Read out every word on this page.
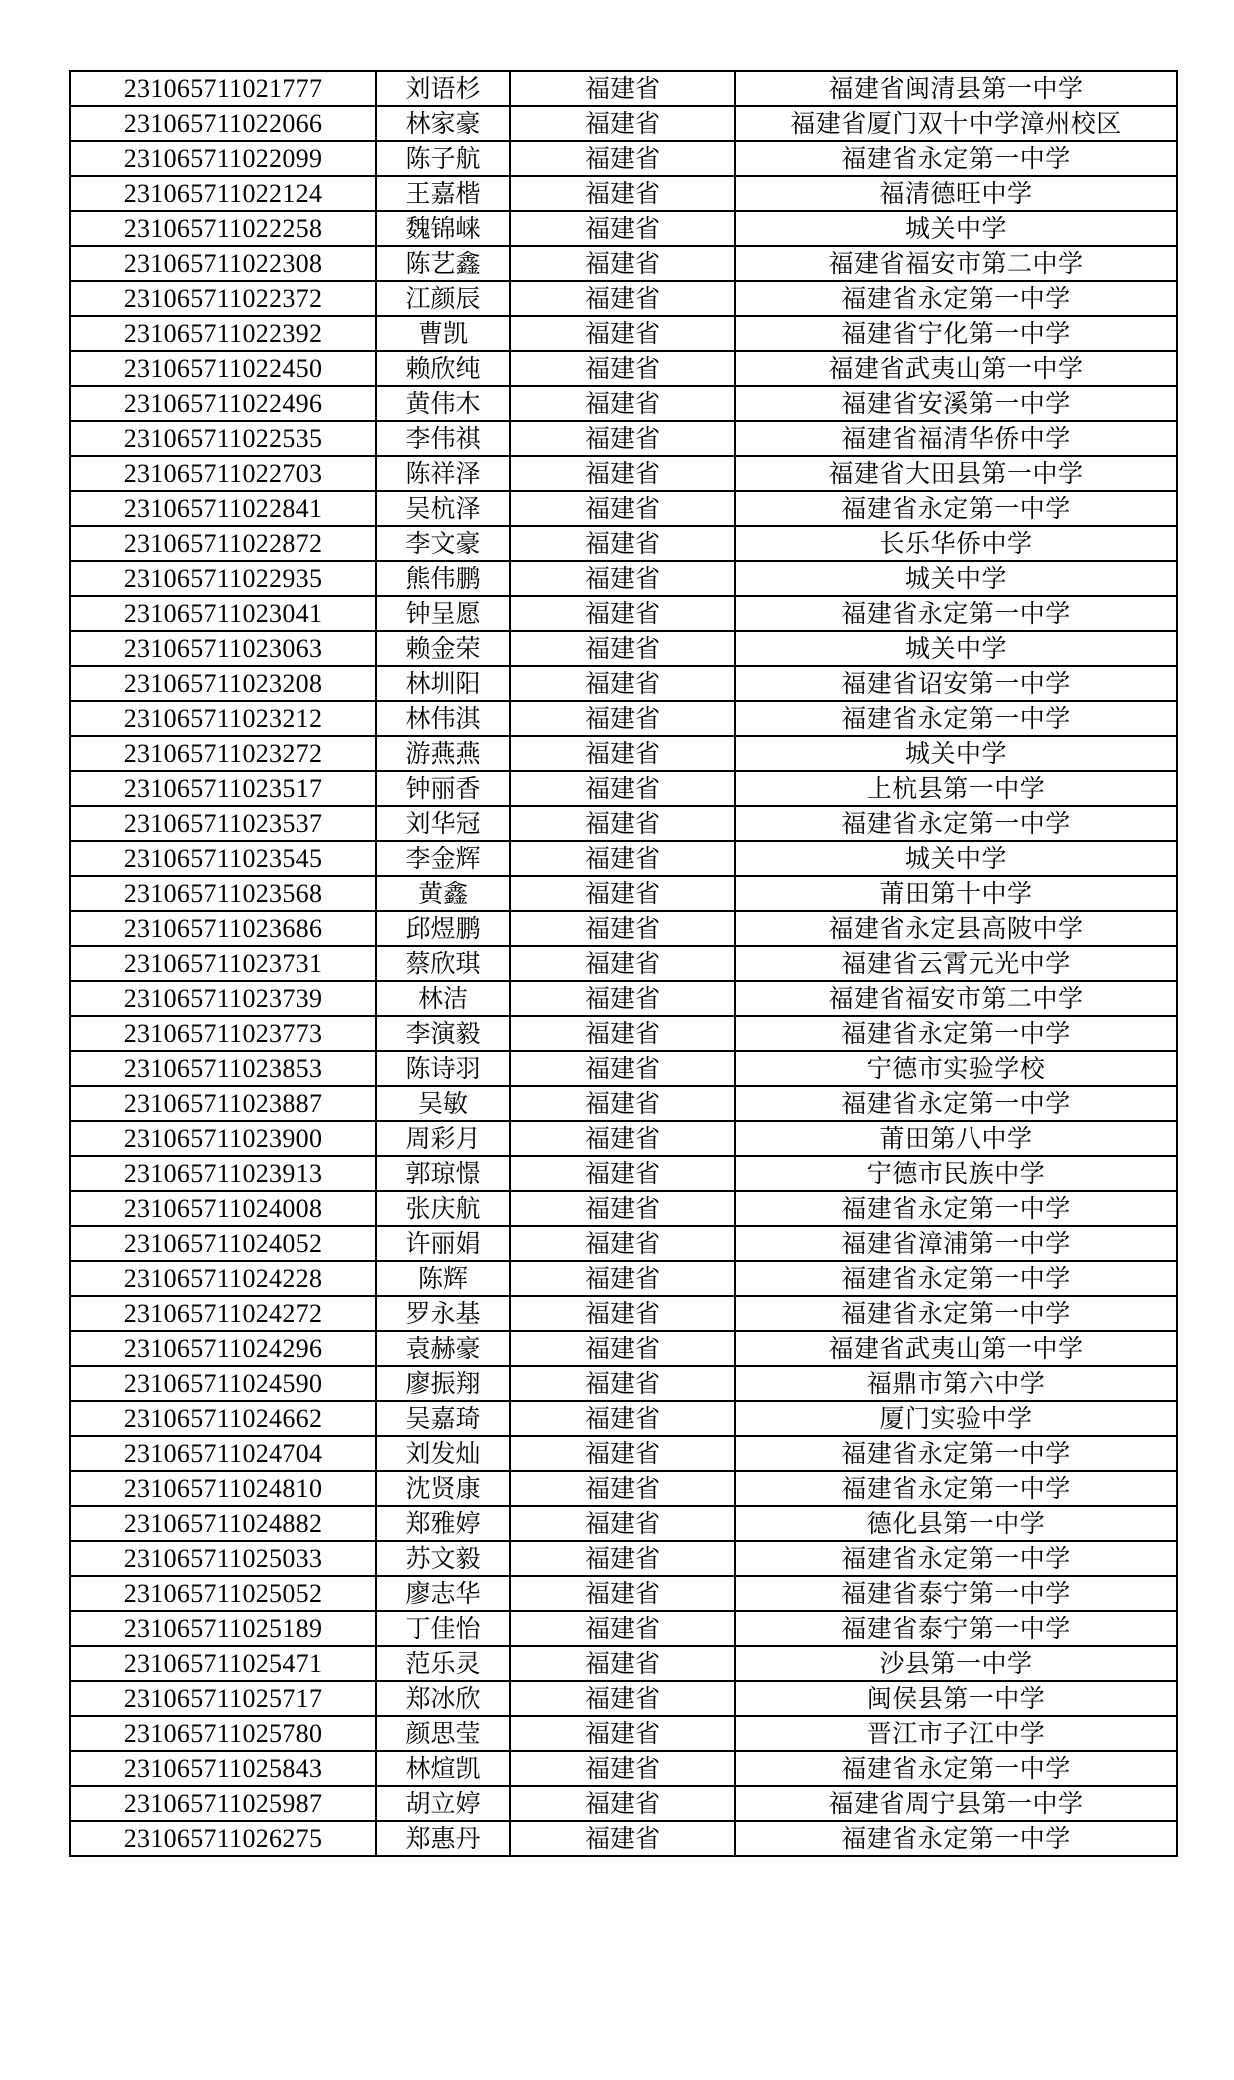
231065711021777	刘语杉	福建省	福建省闽清县第一中学
231065711022066	林家豪	福建省	福建省厦门双十中学漳州校区
231065711022099	陈子航	福建省	福建省永定第一中学
231065711022124	王嘉楷	福建省	福清德旺中学
231065711022258	魏锦崃	福建省	城关中学
231065711022308	陈艺鑫	福建省	福建省福安市第二中学
231065711022372	江颜辰	福建省	福建省永定第一中学
231065711022392	曹凯	福建省	福建省宁化第一中学
231065711022450	赖欣纯	福建省	福建省武夷山第一中学
231065711022496	黄伟木	福建省	福建省安溪第一中学
231065711022535	李伟祺	福建省	福建省福清华侨中学
231065711022703	陈祥泽	福建省	福建省大田县第一中学
231065711022841	吴杭泽	福建省	福建省永定第一中学
231065711022872	李文豪	福建省	长乐华侨中学
231065711022935	熊伟鹏	福建省	城关中学
231065711023041	钟呈愿	福建省	福建省永定第一中学
231065711023063	赖金荣	福建省	城关中学
231065711023208	林圳阳	福建省	福建省诏安第一中学
231065711023212	林伟淇	福建省	福建省永定第一中学
231065711023272	游燕燕	福建省	城关中学
231065711023517	钟丽香	福建省	上杭县第一中学
231065711023537	刘华冠	福建省	福建省永定第一中学
231065711023545	李金辉	福建省	城关中学
231065711023568	黄鑫	福建省	莆田第十中学
231065711023686	邱煜鹏	福建省	福建省永定县高陂中学
231065711023731	蔡欣琪	福建省	福建省云霄元光中学
231065711023739	林洁	福建省	福建省福安市第二中学
231065711023773	李演毅	福建省	福建省永定第一中学
231065711023853	陈诗羽	福建省	宁德市实验学校
231065711023887	吴敏	福建省	福建省永定第一中学
231065711023900	周彩月	福建省	莆田第八中学
231065711023913	郭琼憬	福建省	宁德市民族中学
231065711024008	张庆航	福建省	福建省永定第一中学
231065711024052	许丽娟	福建省	福建省漳浦第一中学
231065711024228	陈辉	福建省	福建省永定第一中学
231065711024272	罗永基	福建省	福建省永定第一中学
231065711024296	袁赫豪	福建省	福建省武夷山第一中学
231065711024590	廖振翔	福建省	福鼎市第六中学
231065711024662	吴嘉琦	福建省	厦门实验中学
231065711024704	刘发灿	福建省	福建省永定第一中学
231065711024810	沈贤康	福建省	福建省永定第一中学
231065711024882	郑雅婷	福建省	德化县第一中学
231065711025033	苏文毅	福建省	福建省永定第一中学
231065711025052	廖志华	福建省	福建省泰宁第一中学
231065711025189	丁佳怡	福建省	福建省泰宁第一中学
231065711025471	范乐灵	福建省	沙县第一中学
231065711025717	郑冰欣	福建省	闽侯县第一中学
231065711025780	颜思莹	福建省	晋江市子江中学
231065711025843	林煊凯	福建省	福建省永定第一中学
231065711025987	胡立婷	福建省	福建省周宁县第一中学
231065711026275	郑惠丹	福建省	福建省永定第一中学
